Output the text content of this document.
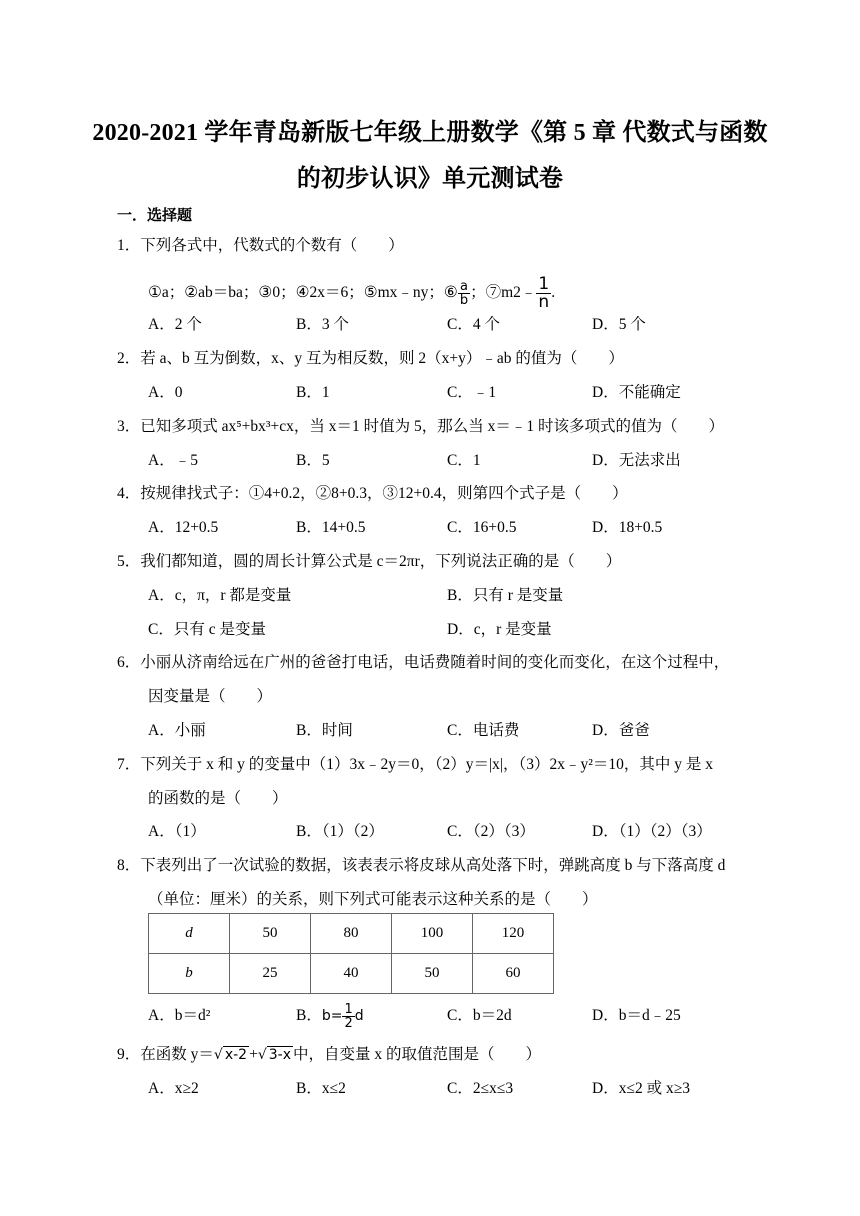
2020-2021 学年青岛新版七年级上册数学《第 5 章 代数式与函数
的初步认识》单元测试卷
一．选择题
1．下列各式中，代数式的个数有（　　）
①a；②ab＝ba；③0；④2x＝6；⑤mx﹣ny；⑥ $\frac{a}{b}$ ；⑦m2﹣ $\frac{1}{n}$ .
A．2 个	B．3 个	C．4 个	D．5 个
2．若 a、b 互为倒数，x、y 互为相反数，则 2（x+y）﹣ab 的值为（　　）
A．0	B．1	C．﹣1	D．不能确定
3．已知多项式 ax⁵+bx³+cx，当 x＝1 时值为 5，那么当 x＝﹣1 时该多项式的值为（　　）
A．﹣5	B．5	C．1	D．无法求出
4．按规律找式子：①4+0.2，②8+0.3，③12+0.4，则第四个式子是（　　）
A．12+0.5	B．14+0.5	C．16+0.5	D．18+0.5
5．我们都知道，圆的周长计算公式是 c＝2πr，下列说法正确的是（　　）
A．c，π，r 都是变量	B．只有 r 是变量
C．只有 c 是变量	D．c，r 是变量
6．小丽从济南给远在广州的爸爸打电话，电话费随着时间的变化而变化，在这个过程中，
因变量是（　　）
A．小丽	B．时间	C．电话费	D．爸爸
7．下列关于 x 和 y 的变量中（1）3x﹣2y＝0，（2）y＝|x|，（3）2x﹣y²＝10，其中 y 是 x
的函数的是（　　）
A．（1）	B．（1）（2）	C．（2）（3）	D．（1）（2）（3）
8．下表列出了一次试验的数据，该表表示将皮球从高处落下时，弹跳高度 b 与下落高度 d
（单位：厘米）的关系，则下列式可能表示这种关系的是（　　）
d	50	80	100	120
b	25	40	50	60
A．b＝d²	B．$b= \frac{1}{2}$ d	C．b＝2d	D．b＝d﹣25
9．在函数 y＝√ x-2 +√ 3-x 中，自变量 x 的取值范围是（　　）
A．x≥2	B．x≤2	C．2≤x≤3	D．x≤2 或 x≥3
